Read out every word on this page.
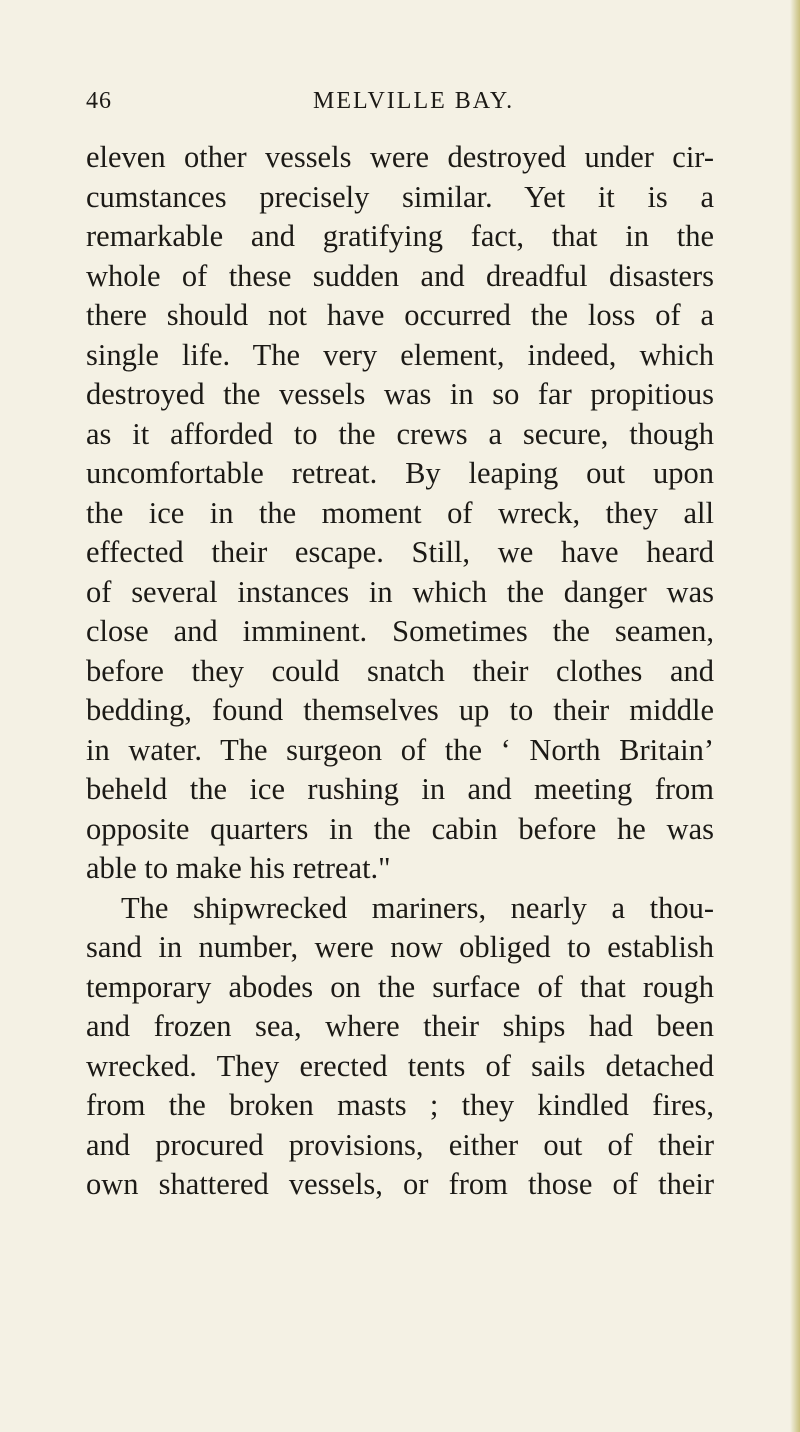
46	MELVILLE BAY.
eleven other vessels were destroyed under cir-
cumstances precisely similar. Yet it is a
remarkable and gratifying fact, that in the
whole of these sudden and dreadful disasters
there should not have occurred the loss of a
single life. The very element, indeed, which
destroyed the vessels was in so far propitious
as it afforded to the crews a secure, though
uncomfortable retreat. By leaping out upon
the ice in the moment of wreck, they all
effected their escape. Still, we have heard
of several instances in which the danger was
close and imminent. Sometimes the seamen,
before they could snatch their clothes and
bedding, found themselves up to their middle
in water. The surgeon of the ‘ North Britain’
beheld the ice rushing in and meeting from
opposite quarters in the cabin before he was
able to make his retreat."
The shipwrecked mariners, nearly a thou-
sand in number, were now obliged to establish
temporary abodes on the surface of that rough
and frozen sea, where their ships had been
wrecked. They erected tents of sails detached
from the broken masts ; they kindled fires,
and procured provisions, either out of their
own shattered vessels, or from those of their
